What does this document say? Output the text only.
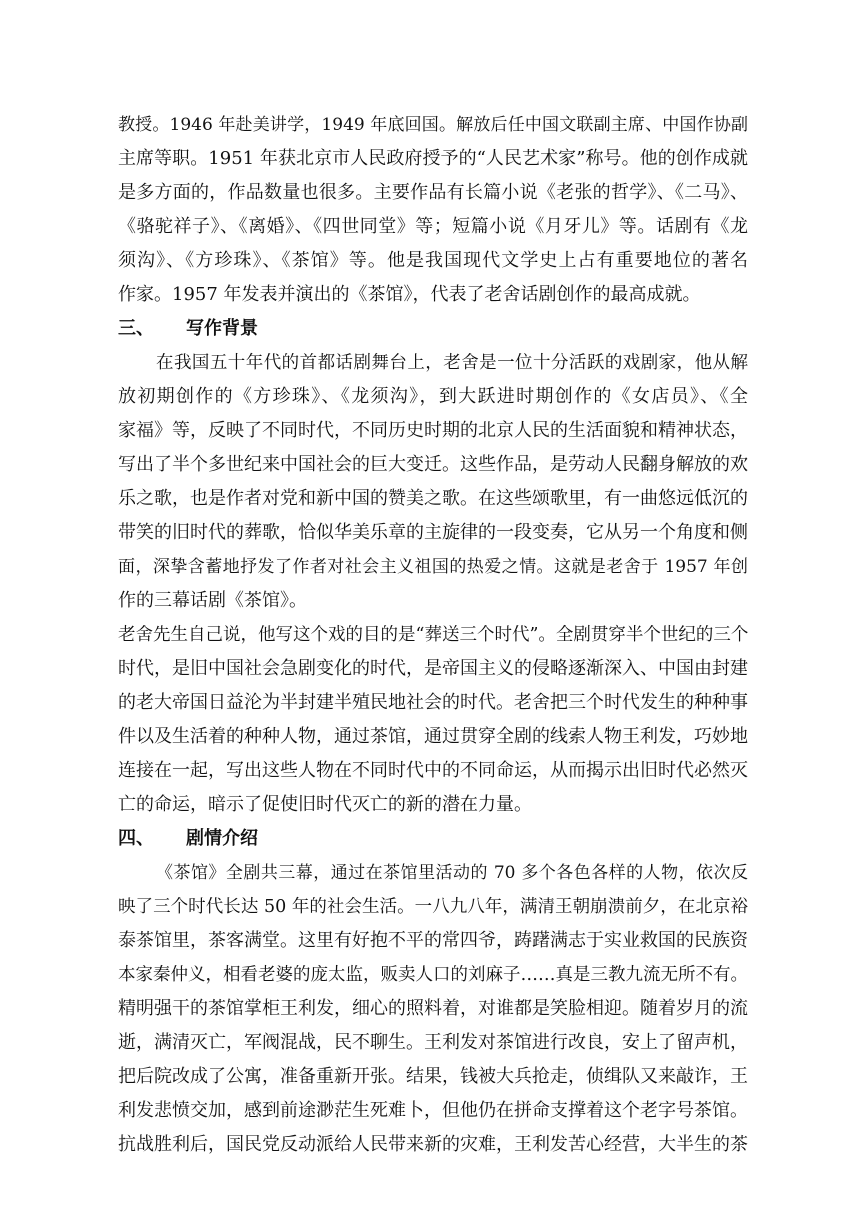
教授。1946 年赴美讲学，1949 年底回国。解放后任中国文联副主席、中国作协副
主席等职。1951 年获北京市人民政府授予的“人民艺术家”称号。他的创作成就
是多方面的，作品数量也很多。主要作品有长篇小说《老张的哲学》、《二马》、
《骆驼祥子》、《离婚》、《四世同堂》等；短篇小说《月牙儿》等。话剧有《龙
须沟》、《方珍珠》、《茶馆》等。他是我国现代文学史上占有重要地位的著名
作家。1957 年发表并演出的《茶馆》，代表了老舍话剧创作的最高成就。
三、 写作背景
在我国五十年代的首都话剧舞台上，老舍是一位十分活跃的戏剧家，他从解
放初期创作的《方珍珠》、《龙须沟》，到大跃进时期创作的《女店员》、《全
家福》等，反映了不同时代，不同历史时期的北京人民的生活面貌和精神状态，
写出了半个多世纪来中国社会的巨大变迁。这些作品，是劳动人民翻身解放的欢
乐之歌，也是作者对党和新中国的赞美之歌。在这些颂歌里，有一曲悠远低沉的
带笑的旧时代的葬歌，恰似华美乐章的主旋律的一段变奏，它从另一个角度和侧
面，深挚含蓄地抒发了作者对社会主义祖国的热爱之情。这就是老舍于 1957 年创
作的三幕话剧《茶馆》。
老舍先生自己说，他写这个戏的目的是“葬送三个时代”。全剧贯穿半个世纪的三个
时代，是旧中国社会急剧变化的时代，是帝国主义的侵略逐渐深入、中国由封建
的老大帝国日益沦为半封建半殖民地社会的时代。老舍把三个时代发生的种种事
件以及生活着的种种人物，通过茶馆，通过贯穿全剧的线索人物王利发，巧妙地
连接在一起，写出这些人物在不同时代中的不同命运，从而揭示出旧时代必然灭
亡的命运，暗示了促使旧时代灭亡的新的潜在力量。
四、 剧情介绍
《茶馆》全剧共三幕，通过在茶馆里活动的 70 多个各色各样的人物，依次反
映了三个时代长达 50 年的社会生活。一八九八年，满清王朝崩溃前夕，在北京裕
泰茶馆里，茶客满堂。这里有好抱不平的常四爷，踌躇满志于实业救国的民族资
本家秦仲义，相看老婆的庞太监，贩卖人口的刘麻子……真是三教九流无所不有。
精明强干的茶馆掌柜王利发，细心的照料着，对谁都是笑脸相迎。随着岁月的流
逝，满清灭亡，军阀混战，民不聊生。王利发对茶馆进行改良，安上了留声机，
把后院改成了公寓，准备重新开张。结果，钱被大兵抢走，侦缉队又来敲诈，王
利发悲愤交加，感到前途渺茫生死难卜，但他仍在拼命支撑着这个老字号茶馆。
抗战胜利后，国民党反动派给人民带来新的灾难，王利发苦心经营，大半生的茶
